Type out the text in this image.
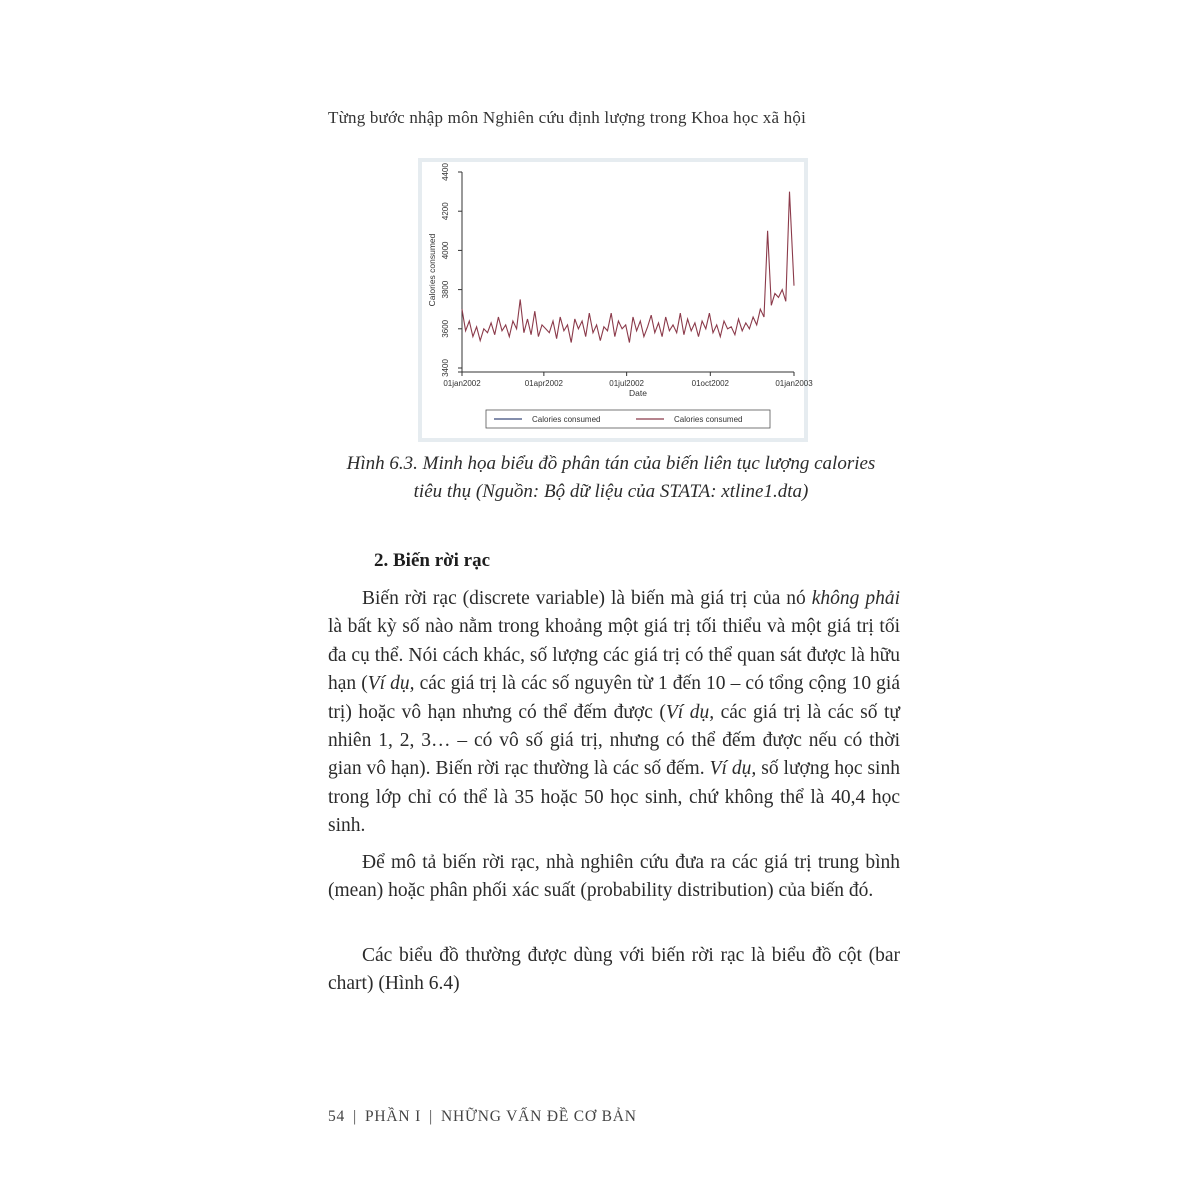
Từng bước nhập môn Nghiên cứu định lượng trong Khoa học xã hội
3400
3600
3800
4000
4200
4400
01jan2002	01apr2002	01jul2002	01oct2002	01jan2003
Calories consumed
Date
Calories consumed	Calories consumed
Hình 6.3. Minh họa biểu đồ phân tán của biến liên tục lượng calories
tiêu thụ (Nguồn: Bộ dữ liệu của STATA: xtline1.dta)
2. Biến rời rạc

Biến rời rạc (discrete variable) là biến mà giá trị của nó không phải là bất kỳ số nào nằm trong khoảng một giá trị tối thiểu và một giá trị tối đa cụ thể. Nói cách khác, số lượng các giá trị có thể quan sát được là hữu hạn (Ví dụ, các giá trị là các số nguyên từ 1 đến 10 – có tổng cộng 10 giá trị) hoặc vô hạn nhưng có thể đếm được (Ví dụ, các giá trị là các số tự nhiên 1, 2, 3… – có vô số giá trị, nhưng có thể đếm được nếu có thời gian vô hạn). Biến rời rạc thường là các số đếm. Ví dụ, số lượng học sinh trong lớp chỉ có thể là 35 hoặc 50 học sinh, chứ không thể là 40,4 học sinh.

Để mô tả biến rời rạc, nhà nghiên cứu đưa ra các giá trị trung bình (mean) hoặc phân phối xác suất (probability distribution) của biến đó.

Các biểu đồ thường được dùng với biến rời rạc là biểu đồ cột (bar chart) (Hình 6.4)

54 | PHẦN I | NHỮNG VẤN ĐỀ CƠ BẢN
